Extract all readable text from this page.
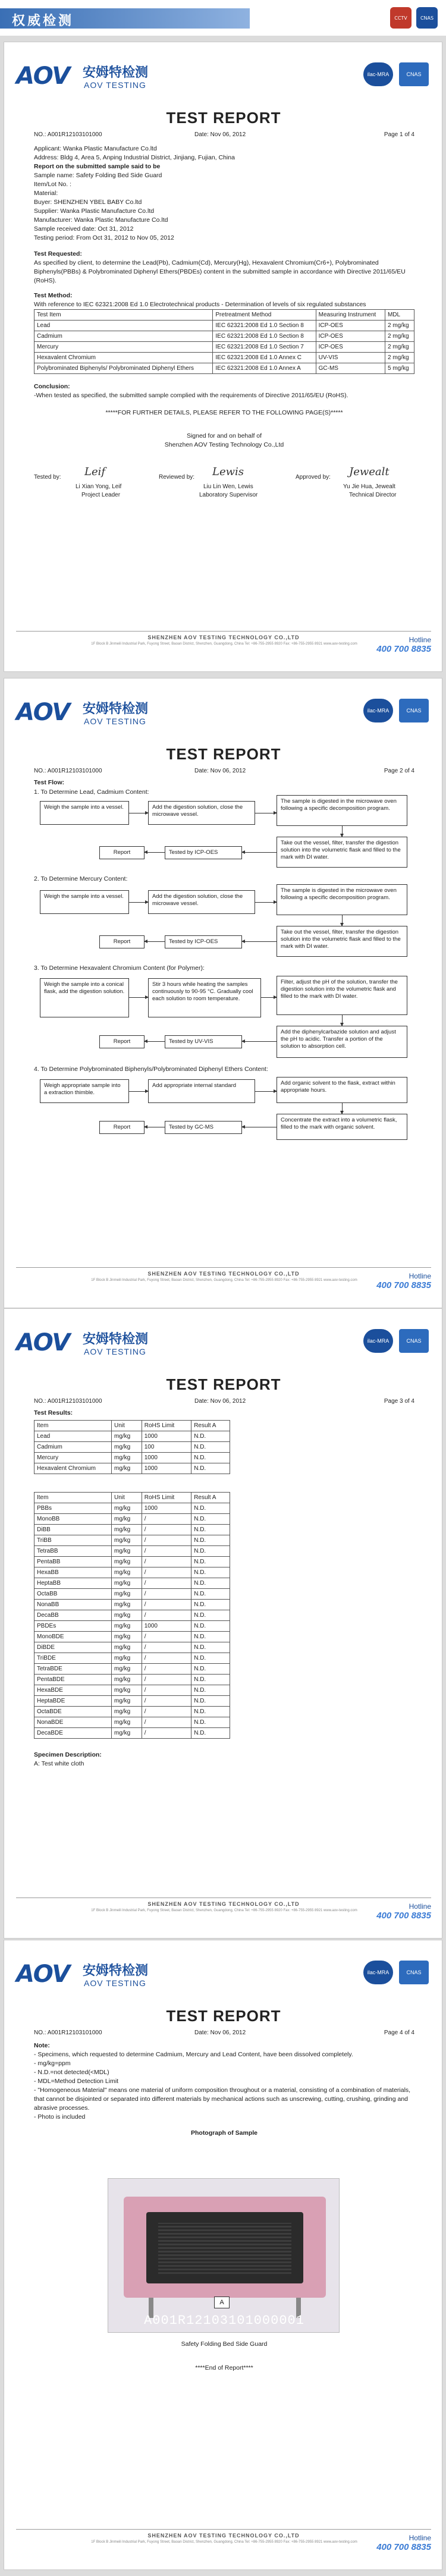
权威检测	CCTV	CNAS
AOV 安姆特检测
AOV TESTING
ilac-MRA	CNAS
TEST REPORT
NO.: A001R12103101000	Date: Nov 06, 2012	Page 1 of 4
Applicant: Wanka Plastic Manufacture Co.ltd
Address: Bldg 4, Area 5, Anping Industrial District, Jinjiang, Fujian, China
Report on the submitted sample said to be
Sample name: Safety Folding Bed Side Guard
Item/Lot No. :
Material:
Buyer: SHENZHEN YBEL BABY Co.ltd
Supplier: Wanka Plastic Manufacture Co.ltd
Manufacturer: Wanka Plastic Manufacture Co.ltd
Sample received date: Oct 31, 2012
Testing period: From Oct 31, 2012 to Nov 05, 2012
Test Requested:
As specified by client, to determine the Lead(Pb), Cadmium(Cd), Mercury(Hg), Hexavalent Chromium(Cr6+), Polybrominated Biphenyls(PBBs) & Polybrominated Diphenyl Ethers(PBDEs) content in the submitted sample in accordance with Directive 2011/65/EU (RoHS).
Test Method:
With reference to IEC 62321:2008 Ed 1.0 Electrotechnical products - Determination of levels of six regulated substances
Test Item	Pretreatment Method	Measuring Instrument	MDL
Lead	IEC 62321:2008 Ed 1.0 Section 8	ICP-OES	2 mg/kg
Cadmium	IEC 62321:2008 Ed 1.0 Section 8	ICP-OES	2 mg/kg
Mercury	IEC 62321:2008 Ed 1.0 Section 7	ICP-OES	2 mg/kg
Hexavalent Chromium	IEC 62321:2008 Ed 1.0 Annex C	UV-VIS	2 mg/kg
Polybrominated Biphenyls/ Polybrominated Diphenyl Ethers	IEC 62321:2008 Ed 1.0 Annex A	GC-MS	5 mg/kg
Conclusion:
-When tested as specified, the submitted sample complied with the requirements of Directive 2011/65/EU (RoHS).
*****FOR FURTHER DETAILS, PLEASE REFER TO THE FOLLOWING PAGE(S)*****
Signed for and on behalf of
Shenzhen AOV Testing Technology Co.,Ltd
Tested by: Leif
Li Xian Yong, Leif
Project Leader
Reviewed by: Lewis
Liu Lin Wen, Lewis
Laboratory Supervisor
Approved by: Jewealt
Yu Jie Hua, Jewealt
Technical Director
SHENZHEN AOV TESTING TECHNOLOGY CO.,LTD
1F Block B Jinmeili Industrial Park, Fuyong Street, Baoan District, Shenzhen, Guangdong, China Tel: +86-755-2955 8920 Fax: +86-755-2955 8921 www.aov-testing.com	Hotline
400 700 8835
AOV 安姆特检测
AOV TESTING
ilac-MRA	CNAS
TEST REPORT
NO.: A001R12103101000	Date: Nov 06, 2012	Page 2 of 4
Test Flow:
1. To Determine Lead, Cadmium Content:
Weigh the sample into a vessel.	Add the digestion solution, close the microwave vessel.
The sample is digested in the microwave oven following a specific decomposition program.
Take out the vessel, filter, transfer the digestion solution into the volumetric flask and filled to the mark with DI water.
Tested by ICP-OES
Report
2. To Determine Mercury Content:
Weigh the sample into a vessel.	Add the digestion solution, close the microwave vessel.
The sample is digested in the microwave oven following a specific decomposition program.
Take out the vessel, filter, transfer the digestion solution into the volumetric flask and filled to the mark with DI water.
Tested by ICP-OES
Report
3. To Determine Hexavalent Chromium Content (for Polymer):
Weigh the sample into a conical flask, add the digestion solution.
Stir 3 hours while heating the samples continuously to 90-95 °C. Gradually cool each solution to room temperature.
Filter, adjust the pH of the solution, transfer the digestion solution into the volumetric flask and filled to the mark with DI water.
Add the diphenylcarbazide solution and adjust the pH to acidic. Transfer a portion of the solution to absorption cell.
Tested by UV-VIS
Report
4. To Determine Polybrominated Biphenyls/Polybrominated Diphenyl Ethers Content:
Weigh appropriate sample into a extraction thimble.
Add appropriate internal standard	Add organic solvent to the flask, extract within appropriate hours.
Concentrate the extract into a volumetric flask, filled to the mark with organic solvent.
Tested by GC-MS
Report
SHENZHEN AOV TESTING TECHNOLOGY CO.,LTD
1F Block B Jinmeili Industrial Park, Fuyong Street, Baoan District, Shenzhen, Guangdong, China Tel: +86-755-2955 8920 Fax: +86-755-2955 8921 www.aov-testing.com	Hotline
400 700 8835
AOV 安姆特检测
AOV TESTING
ilac-MRA	CNAS
TEST REPORT
NO.: A001R12103101000	Date: Nov 06, 2012	Page 3 of 4
Test Results:
Item	Unit	RoHS Limit	Result A
Lead	mg/kg	1000	N.D.
Cadmium	mg/kg	100	N.D.
Mercury	mg/kg	1000	N.D.
Hexavalent Chromium	mg/kg	1000	N.D.
Item	Unit	RoHS Limit	Result A
PBBs	mg/kg	1000	N.D.
MonoBB	mg/kg	/	N.D.
DiBB	mg/kg	/	N.D.
TriBB	mg/kg	/	N.D.
TetraBB	mg/kg	/	N.D.
PentaBB	mg/kg	/	N.D.
HexaBB	mg/kg	/	N.D.
HeptaBB	mg/kg	/	N.D.
OctaBB	mg/kg	/	N.D.
NonaBB	mg/kg	/	N.D.
DecaBB	mg/kg	/	N.D.
PBDEs	mg/kg	1000	N.D.
MonoBDE	mg/kg	/	N.D.
DiBDE	mg/kg	/	N.D.
TriBDE	mg/kg	/	N.D.
TetraBDE	mg/kg	/	N.D.
PentaBDE	mg/kg	/	N.D.
HexaBDE	mg/kg	/	N.D.
HeptaBDE	mg/kg	/	N.D.
OctaBDE	mg/kg	/	N.D.
NonaBDE	mg/kg	/	N.D.
DecaBDE	mg/kg	/	N.D.
Specimen Description:
A: Test white cloth
SHENZHEN AOV TESTING TECHNOLOGY CO.,LTD
1F Block B Jinmeili Industrial Park, Fuyong Street, Baoan District, Shenzhen, Guangdong, China Tel: +86-755-2955 8920 Fax: +86-755-2955 8921 www.aov-testing.com	Hotline
400 700 8835
AOV 安姆特检测
AOV TESTING
ilac-MRA	CNAS
TEST REPORT
NO.: A001R12103101000	Date: Nov 06, 2012	Page 4 of 4
Note:
- Specimens, which requested to determine Cadmium, Mercury and Lead Content, have been dissolved completely.
- mg/kg=ppm
- N.D.=not detected(<MDL)
- MDL=Method Detection Limit
- "Homogeneous Material" means one material of uniform composition throughout or a material, consisting of a combination of materials, that cannot be disjointed or separated into different materials by mechanical actions such as unscrewing, cutting, crushing, grinding and abrasive processes.
- Photo is included
Photograph of Sample
A
A001R12103101000001
Safety Folding Bed Side Guard
****End of Report****
SHENZHEN AOV TESTING TECHNOLOGY CO.,LTD
1F Block B Jinmeili Industrial Park, Fuyong Street, Baoan District, Shenzhen, Guangdong, China Tel: +86-755-2955 8920 Fax: +86-755-2955 8921 www.aov-testing.com	Hotline
400 700 8835
